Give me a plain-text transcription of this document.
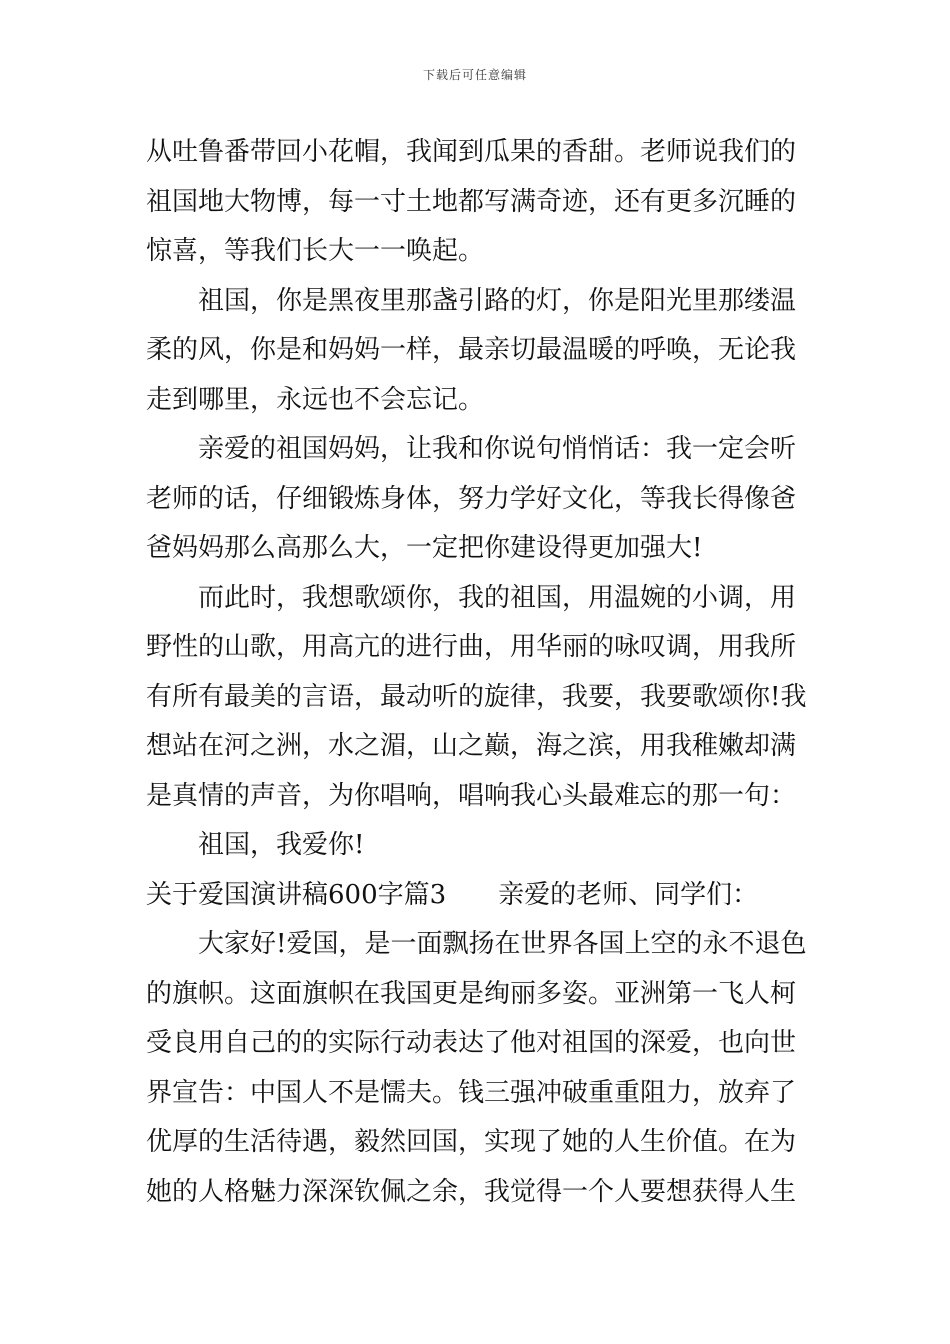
下载后可任意编辑
从吐鲁番带回小花帽，我闻到瓜果的香甜。老师说我们的
祖国地大物博，每一寸土地都写满奇迹，还有更多沉睡的
惊喜，等我们长大一一唤起。
祖国，你是黑夜里那盏引路的灯，你是阳光里那缕温
柔的风，你是和妈妈一样，最亲切最温暖的呼唤，无论我
走到哪里，永远也不会忘记。
亲爱的祖国妈妈，让我和你说句悄悄话：我一定会听
老师的话，仔细锻炼身体，努力学好文化，等我长得像爸
爸妈妈那么高那么大，一定把你建设得更加强大!
而此时，我想歌颂你，我的祖国，用温婉的小调，用
野性的山歌，用高亢的进行曲，用华丽的咏叹调，用我所
有所有最美的言语，最动听的旋律，我要，我要歌颂你!我
想站在河之洲，水之湄，山之巅，海之滨，用我稚嫩却满
是真情的声音，为你唱响，唱响我心头最难忘的那一句：
祖国，我爱你!
关于爱国演讲稿600字篇3 亲爱的老师、同学们：
大家好!爱国，是一面飘扬在世界各国上空的永不退色
的旗帜。这面旗帜在我国更是绚丽多姿。亚洲第一飞人柯
受良用自己的的实际行动表达了他对祖国的深爱，也向世
界宣告：中国人不是懦夫。钱三强冲破重重阻力，放弃了
优厚的生活待遇，毅然回国，实现了她的人生价值。在为
她的人格魅力深深钦佩之余，我觉得一个人要想获得人生
